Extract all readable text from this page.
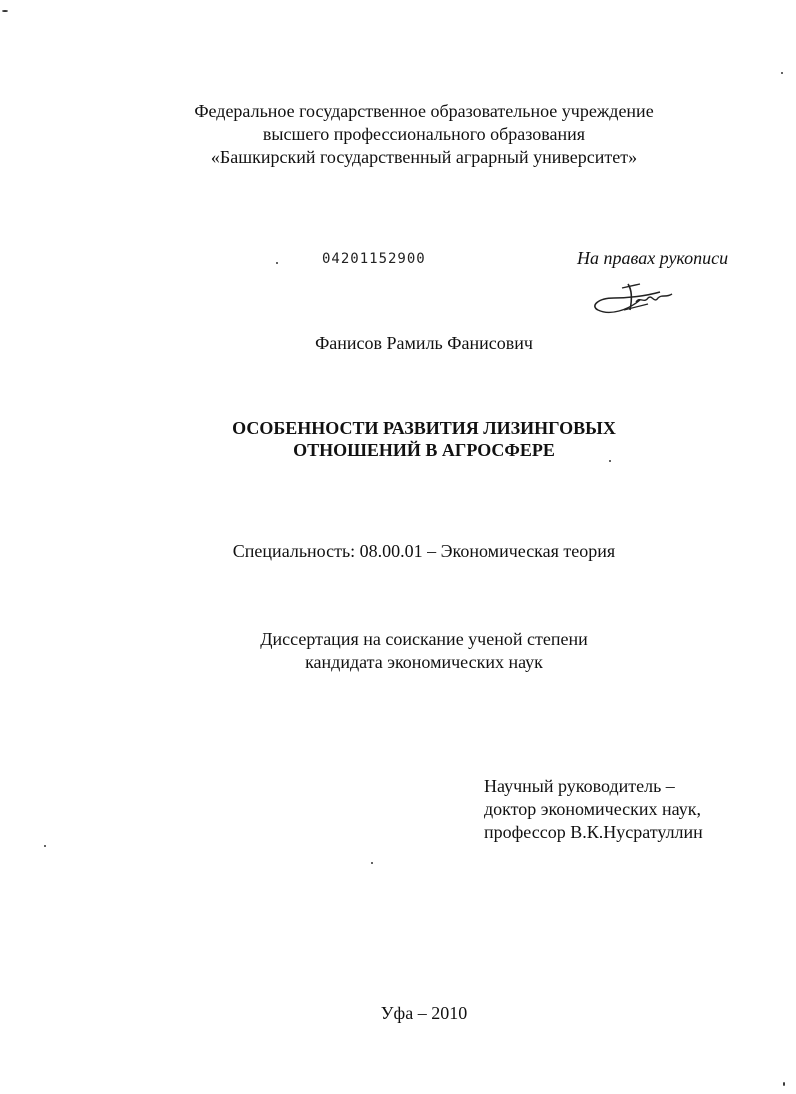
Федеральное государственное образовательное учреждение
высшего профессионального образования
«Башкирский государственный аграрный университет»
04201152900	На правах рукописи
Фанисов Рамиль Фанисович
ОСОБЕННОСТИ РАЗВИТИЯ ЛИЗИНГОВЫХ
ОТНОШЕНИЙ В АГРОСФЕРЕ
Специальность: 08.00.01 – Экономическая теория
Диссертация на соискание ученой степени
кандидата экономических наук
Научный руководитель –
доктор экономических наук,
профессор В.К.Нусратуллин
Уфа – 2010
